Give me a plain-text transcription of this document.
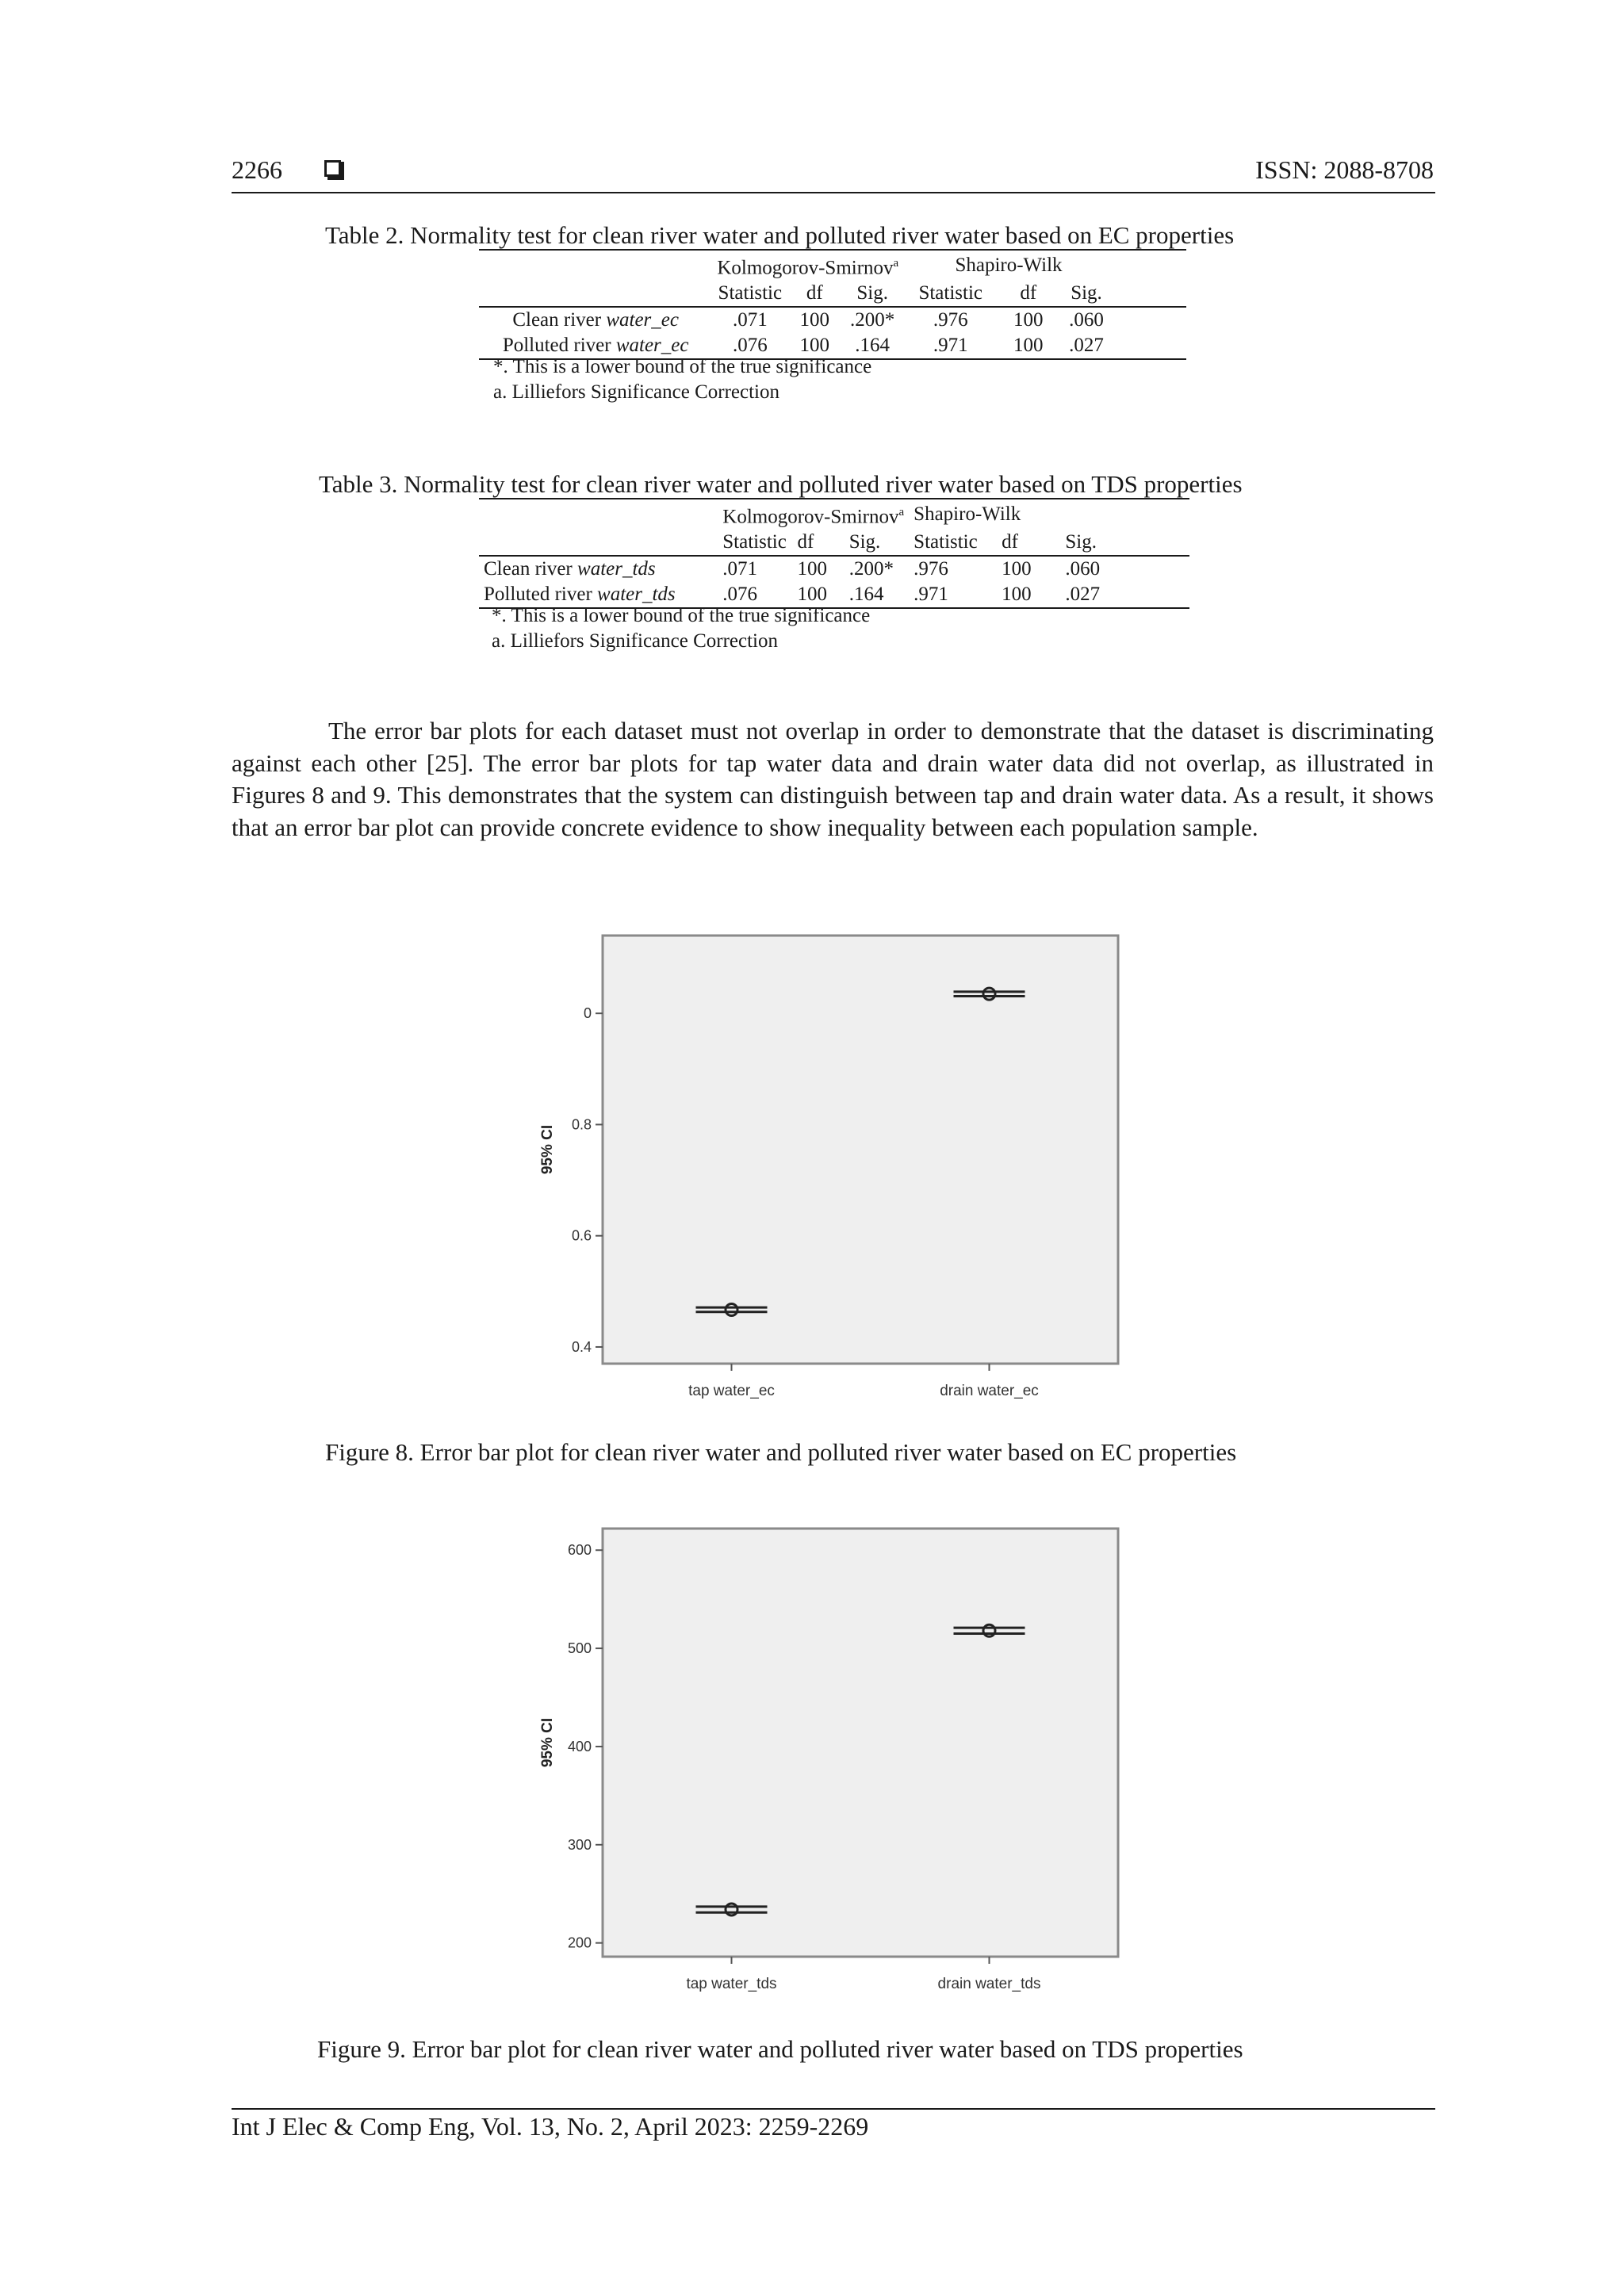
2266	ISSN: 2088-8708
Table 2. Normality test for clean river water and polluted river water based on EC properties
	Kolmogorov-Smirnov$^a$			Shapiro-Wilk			
	Statistic	df	Sig.	Statistic	df	Sig.	
Clean river water_ec	.071	100	.200*	.976	100	.060	
Polluted river water_ec	.076	100	.164	.971	100	.027	
*. This is a lower bound of the true significance
a. Lilliefors Significance Correction
Table 3. Normality test for clean river water and polluted river water based on TDS properties
	Kolmogorov-Smirnov$^a$			Shapiro-Wilk			
	Statistic	df	Sig.	Statistic	df	Sig.	
Clean river water_tds	.071	100	.200*	.976	100	.060	
Polluted river water_tds	.076	100	.164	.971	100	.027	
*. This is a lower bound of the true significance
a. Lilliefors Significance Correction
The error bar plots for each dataset must not overlap in order to demonstrate that the dataset is discriminating against each other [25]. The error bar plots for tap water data and drain water data did not overlap, as illustrated in Figures 8 and 9. This demonstrates that the system can distinguish between tap and drain water data. As a result, it shows that an error bar plot can provide concrete evidence to show inequality between each population sample.
95% CI
0.4
0.6
0.8
0
tap water_ec	drain water_ec
Figure 8. Error bar plot for clean river water and polluted river water based on EC properties
95% CI
200
300
400
500
600
tap water_tds	drain water_tds
Figure 9. Error bar plot for clean river water and polluted river water based on TDS properties
Int J Elec & Comp Eng, Vol. 13, No. 2, April 2023: 2259-2269
